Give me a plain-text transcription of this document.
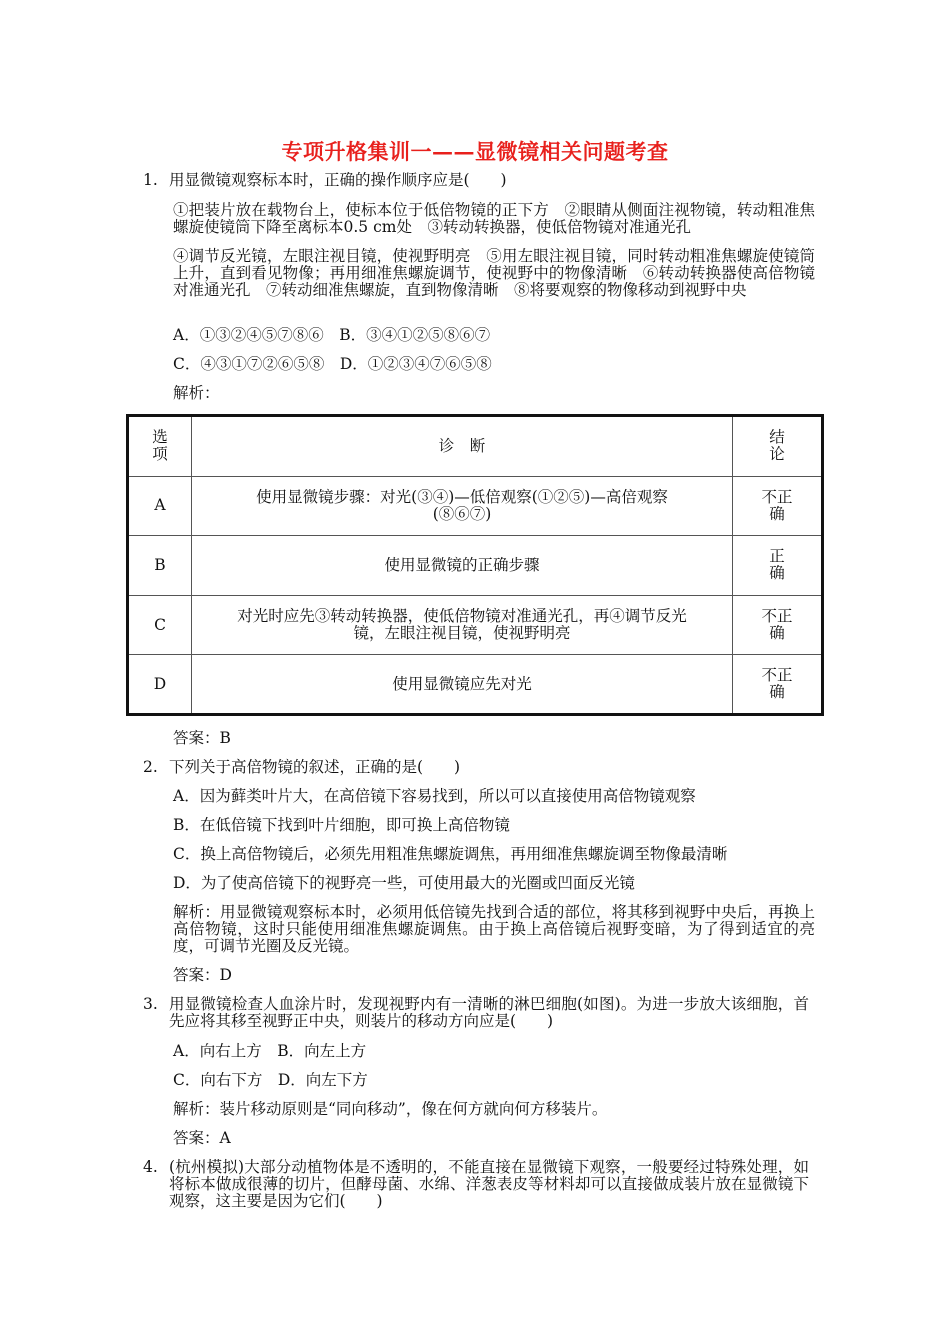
专项升格集训一——显微镜相关问题考查
1. 用显微镜观察标本时，正确的操作顺序应是(　　)
①把装片放在载物台上，使标本位于低倍物镜的正下方　②眼睛从侧面注视物镜，转动粗准焦螺旋使镜筒下降至离标本0.5 cm处　③转动转换器，使低倍物镜对准通光孔
④调节反光镜，左眼注视目镜，使视野明亮　⑤用左眼注视目镜，同时转动粗准焦螺旋使镜筒上升，直到看见物像；再用细准焦螺旋调节，使视野中的物像清晰　⑥转动转换器使高倍物镜对准通光孔　⑦转动细准焦螺旋，直到物像清晰　⑧将要观察的物像移动到视野中央
A．①③②④⑤⑦⑧⑥　B．③④①②⑤⑧⑥⑦
C．④③①⑦②⑥⑤⑧　D．①②③④⑦⑥⑤⑧
解析：
选项	诊　断	结论
A	使用显微镜步骤：对光(③④)—低倍观察(①②⑤)—高倍观察(⑧⑥⑦)	不正确
B	使用显微镜的正确步骤	正确
C	对光时应先③转动转换器，使低倍物镜对准通光孔，再④调节反光镜，左眼注视目镜，使视野明亮	不正确
D	使用显微镜应先对光	不正确
答案：B
2. 下列关于高倍物镜的叙述，正确的是(　　)
A．因为藓类叶片大，在高倍镜下容易找到，所以可以直接使用高倍物镜观察
B．在低倍镜下找到叶片细胞，即可换上高倍物镜
C．换上高倍物镜后，必须先用粗准焦螺旋调焦，再用细准焦螺旋调至物像最清晰
D．为了使高倍镜下的视野亮一些，可使用最大的光圈或凹面反光镜
解析：用显微镜观察标本时，必须用低倍镜先找到合适的部位，将其移到视野中央后，再换上高倍物镜，这时只能使用细准焦螺旋调焦。由于换上高倍镜后视野变暗，为了得到适宜的亮度，可调节光圈及反光镜。
答案：D
3. 用显微镜检查人血涂片时，发现视野内有一清晰的淋巴细胞(如图)。为进一步放大该细胞，首先应将其移至视野正中央，则装片的移动方向应是(　　)
A．向右上方　B．向左上方
C．向右下方　D．向左下方
解析：装片移动原则是“同向移动”，像在何方就向何方移装片。
答案：A
4. (杭州模拟)大部分动植物体是不透明的，不能直接在显微镜下观察，一般要经过特殊处理，如将标本做成很薄的切片，但酵母菌、水绵、洋葱表皮等材料却可以直接做成装片放在显微镜下观察，这主要是因为它们(　　)
